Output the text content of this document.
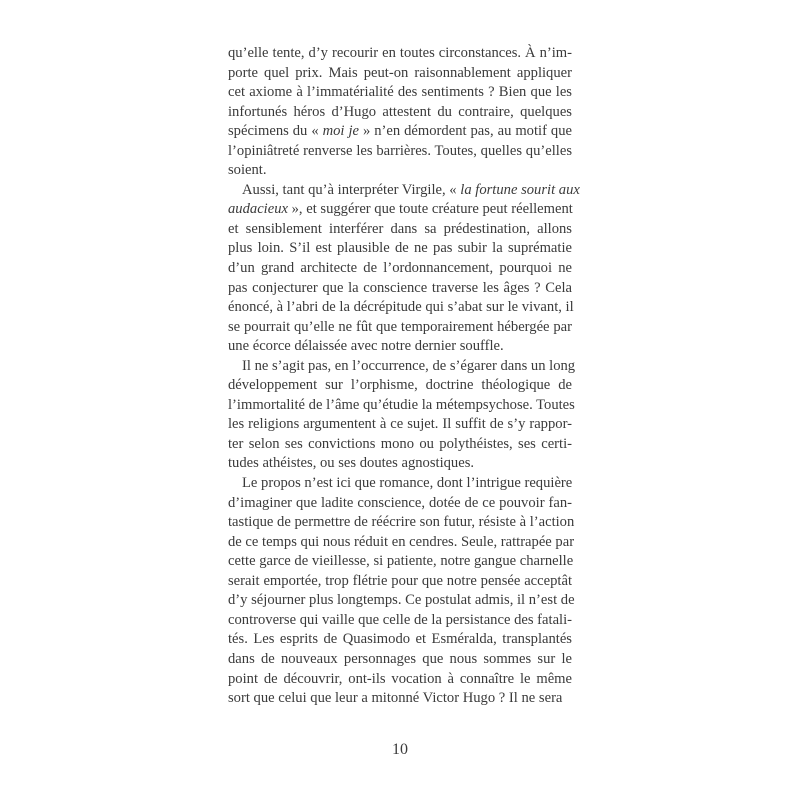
qu’elle tente, d’y recourir en toutes circonstances. À n’im-
porte quel prix. Mais peut-on raisonnablement appliquer
cet axiome à l’immatérialité des sentiments ? Bien que les
infortunés héros d’Hugo attestent du contraire, quelques
spécimens du « moi je » n’en démordent pas, au motif que
l’opiniâtreté renverse les barrières. Toutes, quelles qu’elles
soient.
Aussi, tant qu’à interpréter Virgile, « la fortune sourit aux
audacieux », et suggérer que toute créature peut réellement
et sensiblement interférer dans sa prédestination, allons
plus loin. S’il est plausible de ne pas subir la suprématie
d’un grand architecte de l’ordonnancement, pourquoi ne
pas conjecturer que la conscience traverse les âges ? Cela
énoncé, à l’abri de la décrépitude qui s’abat sur le vivant, il
se pourrait qu’elle ne fût que temporairement hébergée par
une écorce délaissée avec notre dernier souffle.
Il ne s’agit pas, en l’occurrence, de s’égarer dans un long
développement sur l’orphisme, doctrine théologique de
l’immortalité de l’âme qu’étudie la métempsychose. Toutes
les religions argumentent à ce sujet. Il suffit de s’y rappor-
ter selon ses convictions mono ou polythéistes, ses certi-
tudes athéistes, ou ses doutes agnostiques.
Le propos n’est ici que romance, dont l’intrigue requière
d’imaginer que ladite conscience, dotée de ce pouvoir fan-
tastique de permettre de réécrire son futur, résiste à l’action
de ce temps qui nous réduit en cendres. Seule, rattrapée par
cette garce de vieillesse, si patiente, notre gangue charnelle
serait emportée, trop flétrie pour que notre pensée acceptât
d’y séjourner plus longtemps. Ce postulat admis, il n’est de
controverse qui vaille que celle de la persistance des fatali-
tés. Les esprits de Quasimodo et Esméralda, transplantés
dans de nouveaux personnages que nous sommes sur le
point de découvrir, ont-ils vocation à connaître le même
sort que celui que leur a mitonné Victor Hugo ? Il ne sera
10
